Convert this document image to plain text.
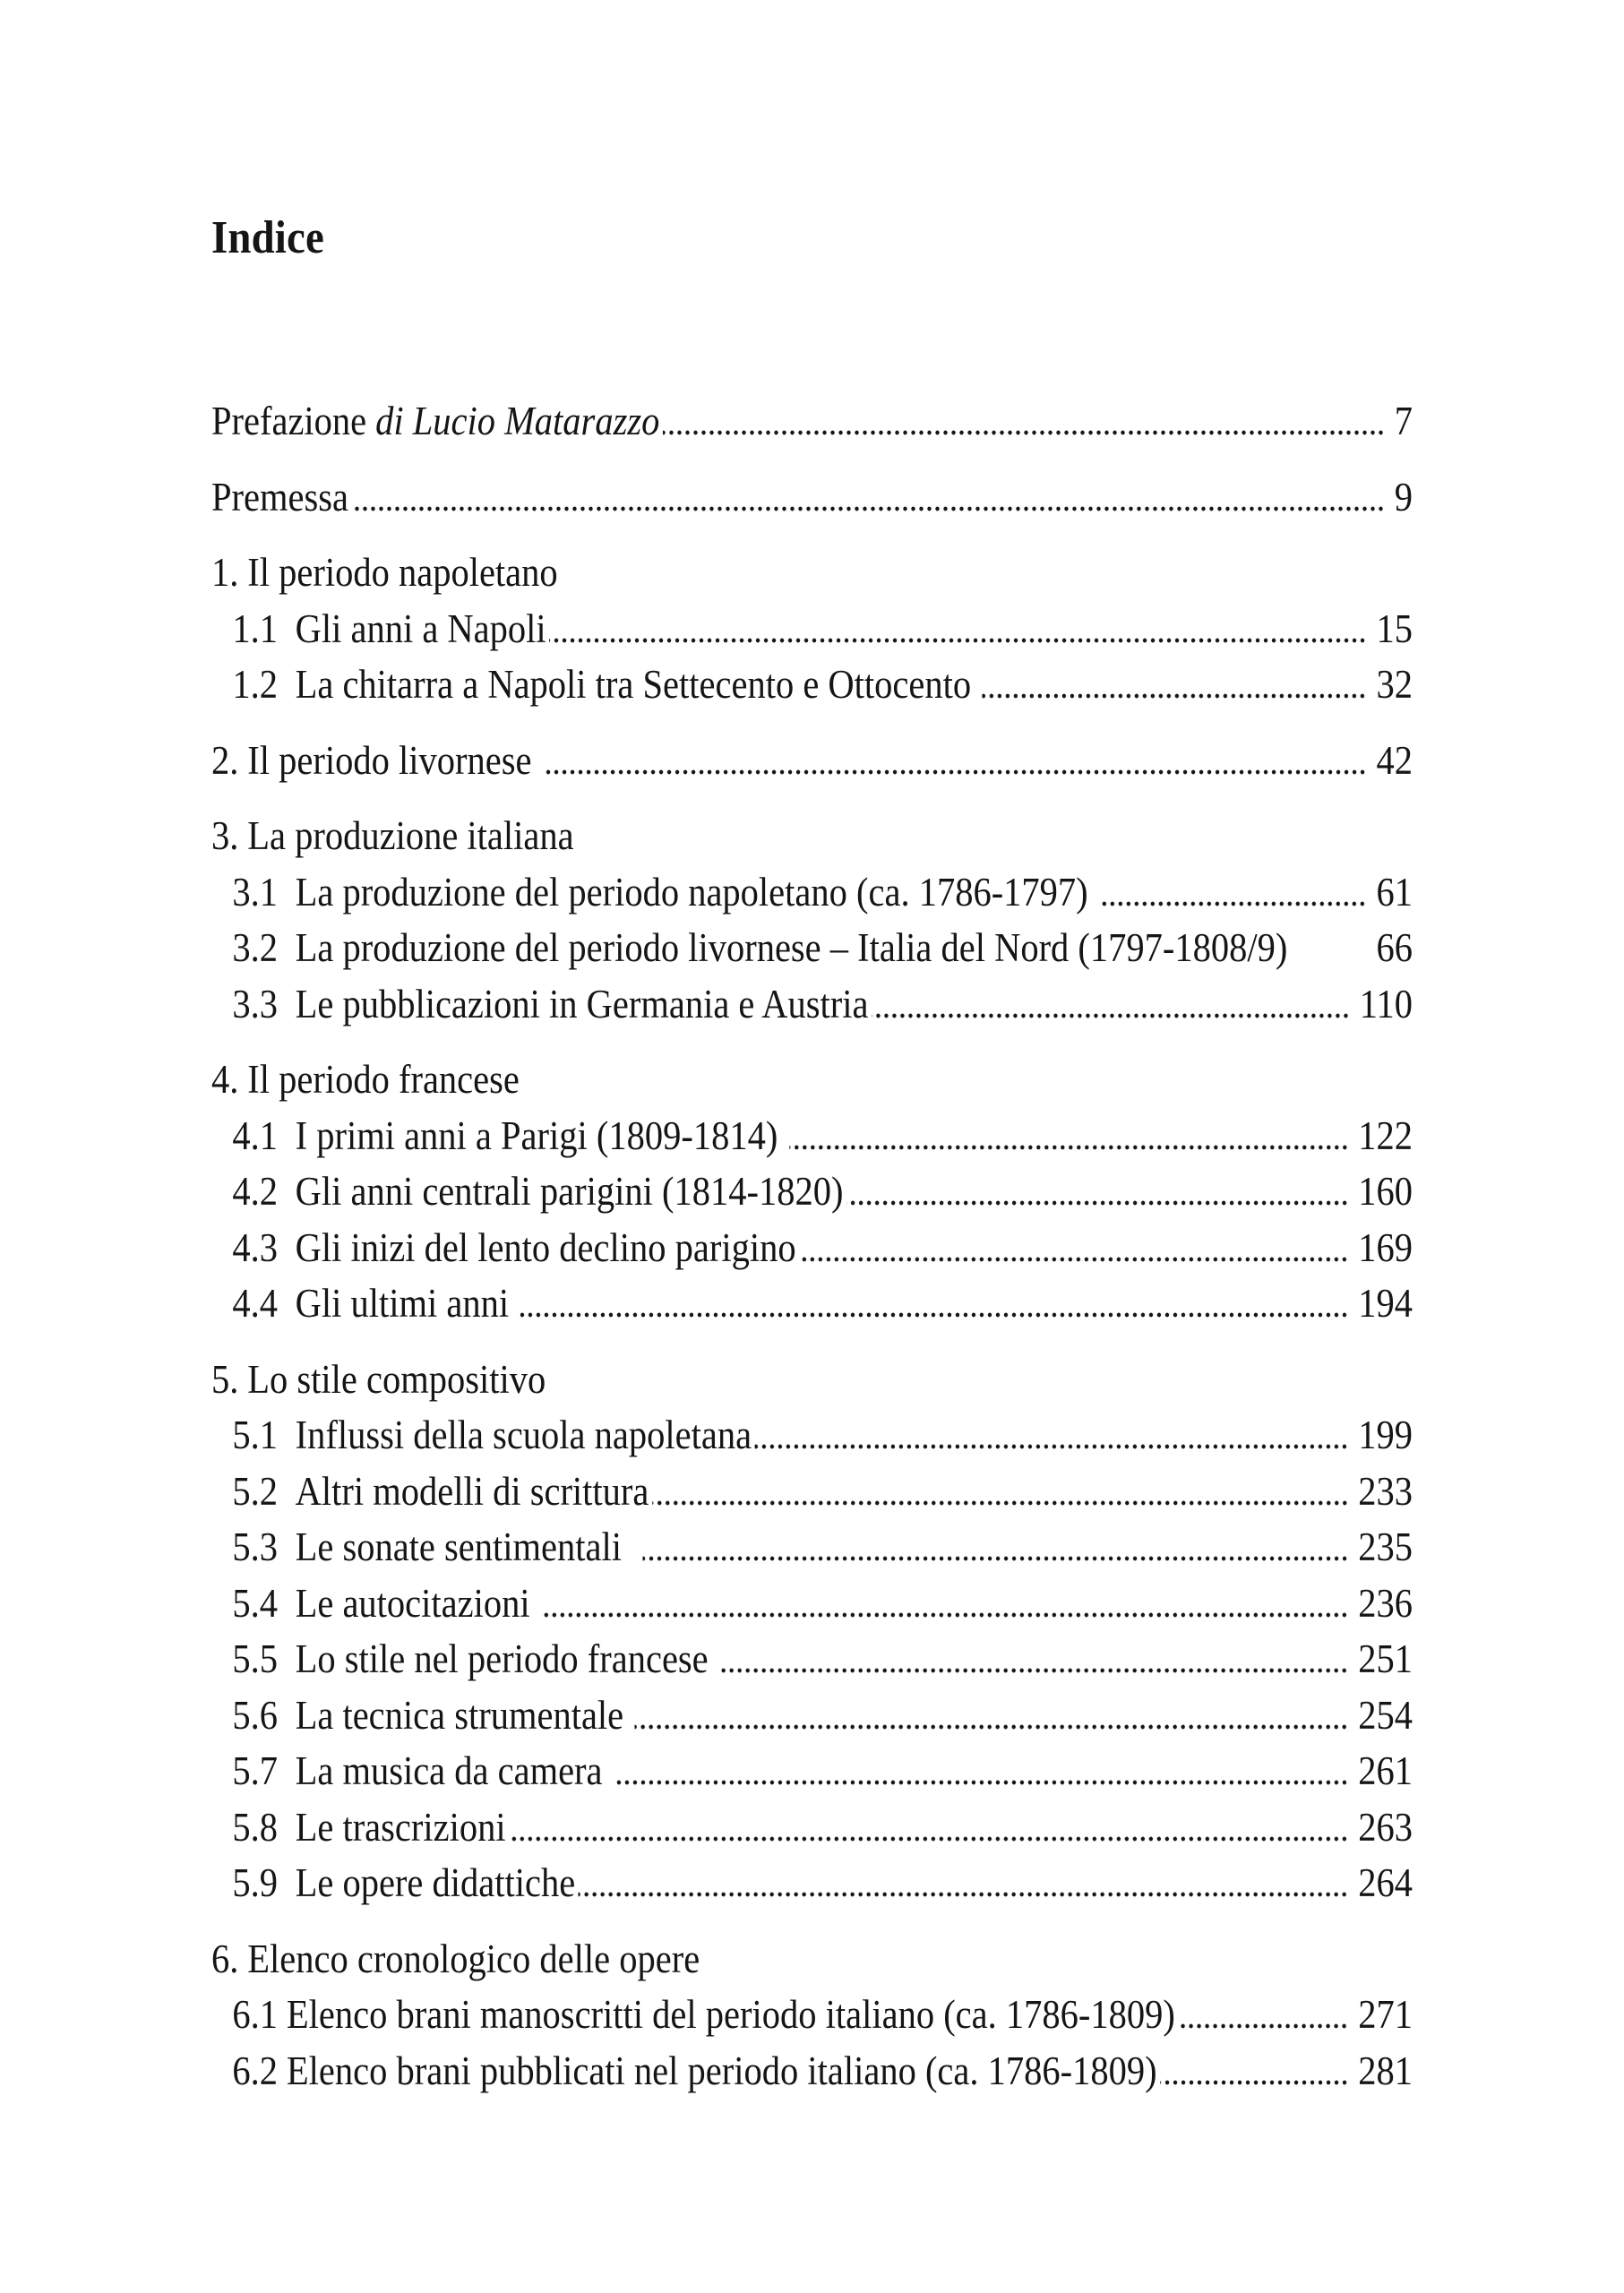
Indice
Prefazione di Lucio Matarazzo	7
Premessa	9
1. Il periodo napoletano
1.1 Gli anni a Napoli	15
1.2 La chitarra a Napoli tra Settecento e Ottocento	32
2. Il periodo livornese	42
3. La produzione italiana
3.1 La produzione del periodo napoletano (ca. 1786-1797)	61
3.2 La produzione del periodo livornese – Italia del Nord (1797-1808/9) 66
3.3 Le pubblicazioni in Germania e Austria	110
4. Il periodo francese
4.1 I primi anni a Parigi (1809-1814)	122
4.2 Gli anni centrali parigini (1814-1820)	160
4.3 Gli inizi del lento declino parigino	169
4.4 Gli ultimi anni	194
5. Lo stile compositivo
5.1 Influssi della scuola napoletana	199
5.2 Altri modelli di scrittura	233
5.3 Le sonate sentimentali	235
5.4 Le autocitazioni	236
5.5 Lo stile nel periodo francese	251
5.6 La tecnica strumentale	254
5.7 La musica da camera	261
5.8 Le trascrizioni	263
5.9 Le opere didattiche	264
6. Elenco cronologico delle opere
6.1 Elenco brani manoscritti del periodo italiano (ca. 1786-1809)	271
6.2 Elenco brani pubblicati nel periodo italiano (ca. 1786-1809)	281
